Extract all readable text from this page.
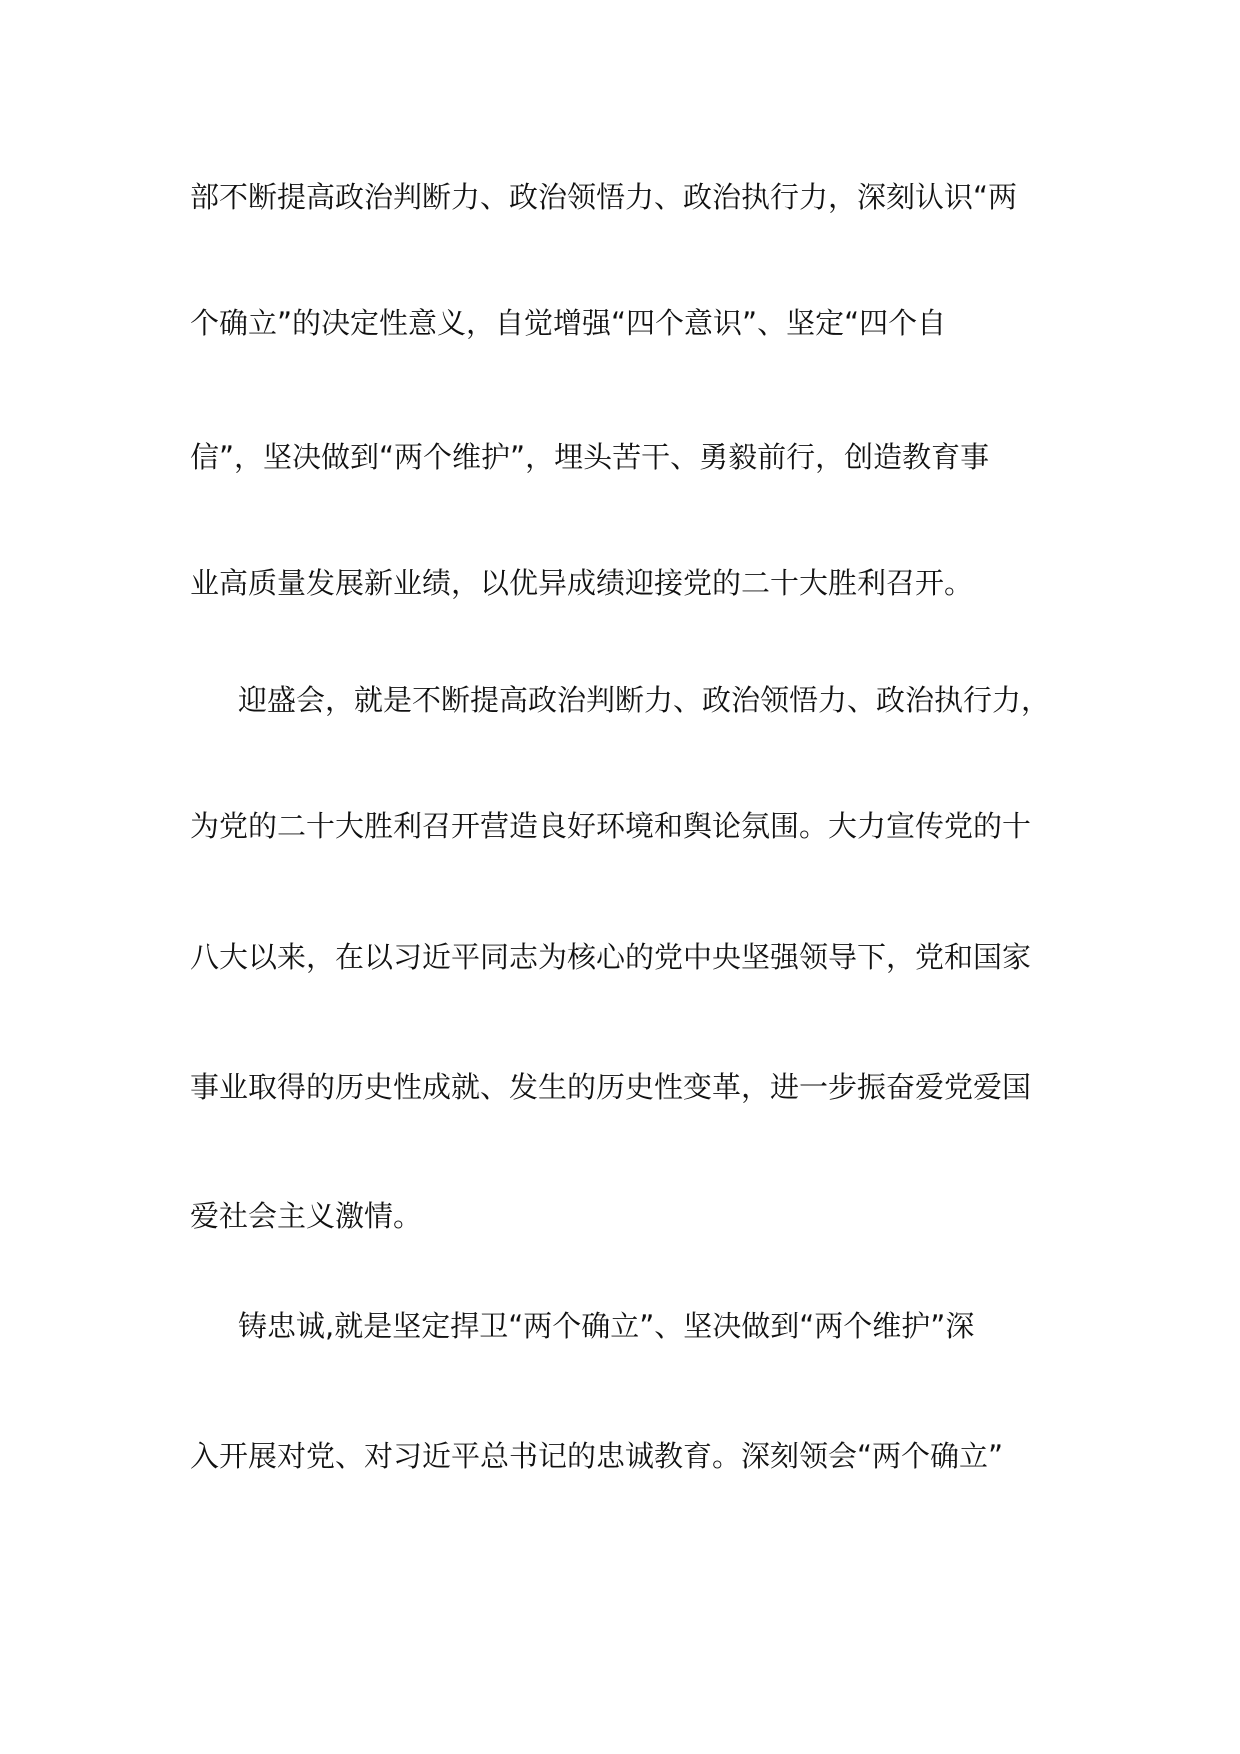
部不断提高政治判断力、政治领悟力、政治执行力，深刻认识“两
个确立”的决定性意义，自觉增强“四个意识”、坚定“四个自
信”，坚决做到“两个维护”，埋头苦干、勇毅前行，创造教育事
业高质量发展新业绩，以优异成绩迎接党的二十大胜利召开。
迎盛会，就是不断提高政治判断力、政治领悟力、政治执行力，
为党的二十大胜利召开营造良好环境和舆论氛围。大力宣传党的十
八大以来，在以习近平同志为核心的党中央坚强领导下，党和国家
事业取得的历史性成就、发生的历史性变革，进一步振奋爱党爱国
爱社会主义激情。
铸忠诚,就是坚定捍卫“两个确立”、坚决做到“两个维护”深
入开展对党、对习近平总书记的忠诚教育。深刻领会“两个确立”
